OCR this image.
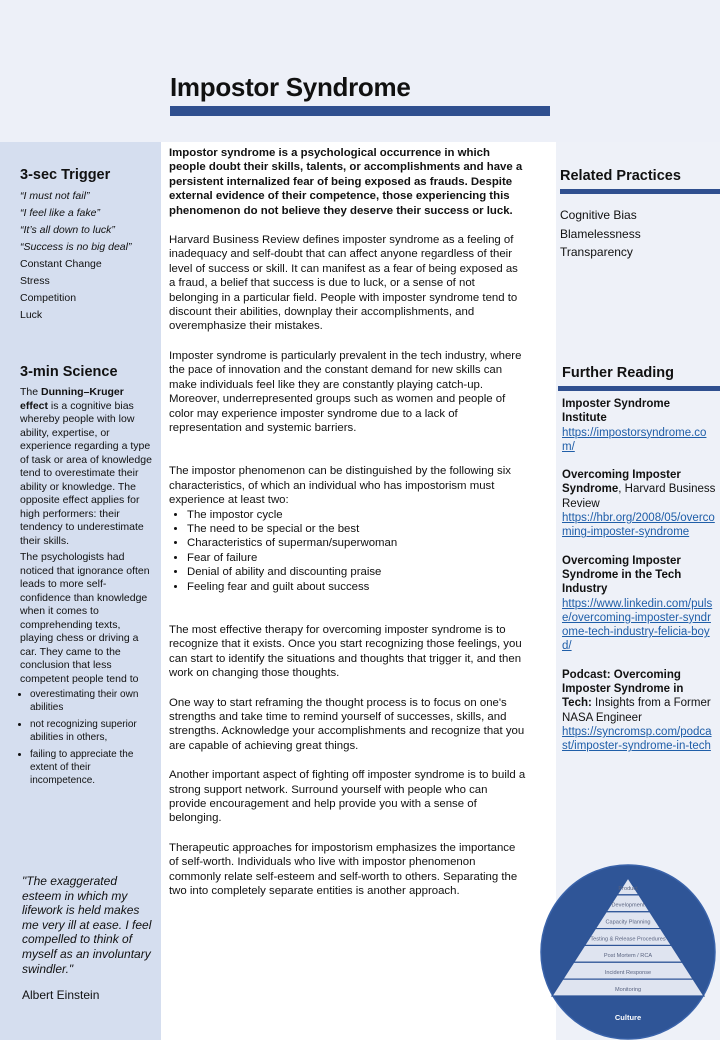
Impostor Syndrome
3-sec Trigger
“I must not fail”
“I feel like a fake”
“It’s all down to luck”
“Success is no big deal”
Constant Change
Stress
Competition
Luck
3-min Science

The Dunning–Kruger effect is a cognitive bias whereby people with low ability, expertise, or experience regarding a type of task or area of knowledge tend to overestimate their ability or knowledge. The opposite effect applies for high performers: their tendency to underestimate their skills.

The psychologists had noticed that ignorance often leads to more self-confidence than knowledge when it comes to comprehending texts, playing chess or driving a car. They came to the conclusion that less competent people tend to

• overestimating their own abilities
• not recognizing superior abilities in others,
• failing to appreciate the extent of their incompetence.
"The exaggerated esteem in which my lifework is held makes me very ill at ease. I feel compelled to think of myself as an involuntary swindler."
Albert Einstein

Impostor syndrome is a psychological occurrence in which people doubt their skills, talents, or accomplishments and have a persistent internalized fear of being exposed as frauds. Despite external evidence of their competence, those experiencing this phenomenon do not believe they deserve their success or luck.

Harvard Business Review defines imposter syndrome as a feeling of inadequacy and self-doubt that can affect anyone regardless of their level of success or skill. It can manifest as a fear of being exposed as a fraud, a belief that success is due to luck, or a sense of not belonging in a particular field. People with imposter syndrome tend to discount their abilities, downplay their accomplishments, and overemphasize their mistakes.

Imposter syndrome is particularly prevalent in the tech industry, where the pace of innovation and the constant demand for new skills can make individuals feel like they are constantly playing catch-up. Moreover, underrepresented groups such as women and people of color may experience imposter syndrome due to a lack of representation and systemic barriers.

The impostor phenomenon can be distinguished by the following six characteristics, of which an individual who has impostorism must experience at least two:

• The impostor cycle
• The need to be special or the best
• Characteristics of superman/superwoman
• Fear of failure
• Denial of ability and discounting praise
• Feeling fear and guilt about success

The most effective therapy for overcoming imposter syndrome is to recognize that it exists. Once you start recognizing those feelings, you can start to identify the situations and thoughts that trigger it, and then work on changing those thoughts.

One way to start reframing the thought process is to focus on one's strengths and take time to remind yourself of successes, skills, and strengths. Acknowledge your accomplishments and recognize that you are capable of achieving great things.

Another important aspect of fighting off imposter syndrome is to build a strong support network. Surround yourself with people who can provide encouragement and help provide you with a sense of belonging.

Therapeutic approaches for impostorism emphasizes the importance of self-worth. Individuals who live with impostor phenomenon commonly relate self-esteem and self-worth to others. Separating the two into completely separate entities is another approach.

Related Practices
Cognitive Bias
Blamelessness
Transparency
Further Reading
Imposter Syndrome Institute
https://impostorsyndrome.com/
Overcoming Imposter Syndrome, Harvard Business Review
https://hbr.org/2008/05/overcoming-imposter-syndrome
Overcoming Imposter Syndrome in the Tech Industry
https://www.linkedin.com/pulse/overcoming-imposter-syndrome-tech-industry-felicia-boyd/
Podcast: Overcoming Imposter Syndrome in Tech: Insights from a Former NASA Engineer
https://syncromsp.com/podcast/imposter-syndrome-in-tech
Product
Development
Capacity Planning
Testing & Release Procedures
Post Mortem / RCA
Incident Response
Monitoring
Culture
